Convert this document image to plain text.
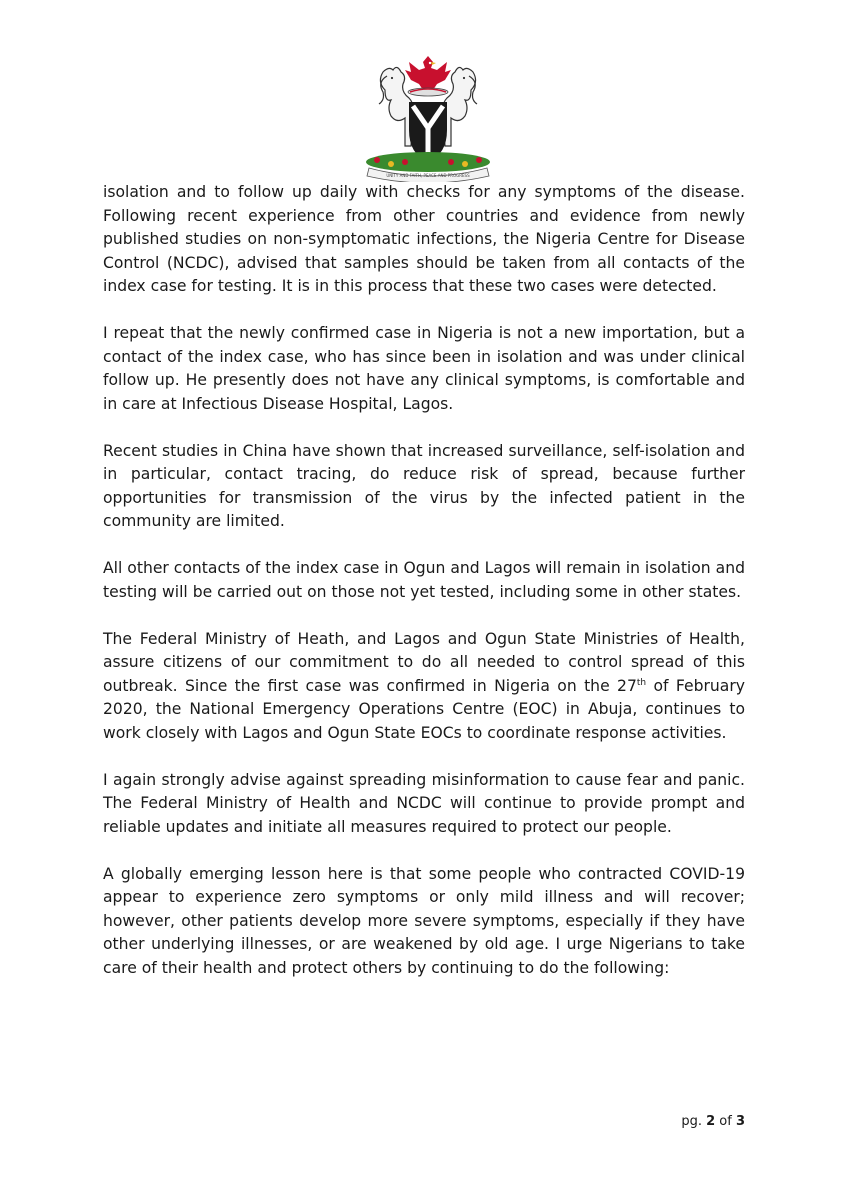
UNITY AND FAITH, PEACE AND PROGRESS

isolation and to follow up daily with checks for any symptoms of the disease. Following recent experience from other countries and evidence from newly published studies on non-symptomatic infections, the Nigeria Centre for Disease Control (NCDC), advised that samples should be taken from all contacts of the index case for testing. It is in this process that these two cases were detected.

I repeat that the newly confirmed case in Nigeria is not a new importation, but a contact of the index case, who has since been in isolation and was under clinical follow up. He presently does not have any clinical symptoms, is comfortable and in care at Infectious Disease Hospital, Lagos.

Recent studies in China have shown that increased surveillance, self-isolation and in particular, contact tracing, do reduce risk of spread, because further opportunities for transmission of the virus by the infected patient in the community are limited.

All other contacts of the index case in Ogun and Lagos will remain in isolation and testing will be carried out on those not yet tested, including some in other states.

The Federal Ministry of Heath, and Lagos and Ogun State Ministries of Health, assure citizens of our commitment to do all needed to control spread of this outbreak. Since the first case was confirmed in Nigeria on the 27th of February 2020, the National Emergency Operations Centre (EOC) in Abuja, continues to work closely with Lagos and Ogun State EOCs to coordinate response activities.

I again strongly advise against spreading misinformation to cause fear and panic. The Federal Ministry of Health and NCDC will continue to provide prompt and reliable updates and initiate all measures required to protect our people.

A globally emerging lesson here is that some people who contracted COVID-19 appear to experience zero symptoms or only mild illness and will recover; however, other patients develop more severe symptoms, especially if they have other underlying illnesses, or are weakened by old age. I urge Nigerians to take care of their health and protect others by continuing to do the following:

pg. 2 of 3
